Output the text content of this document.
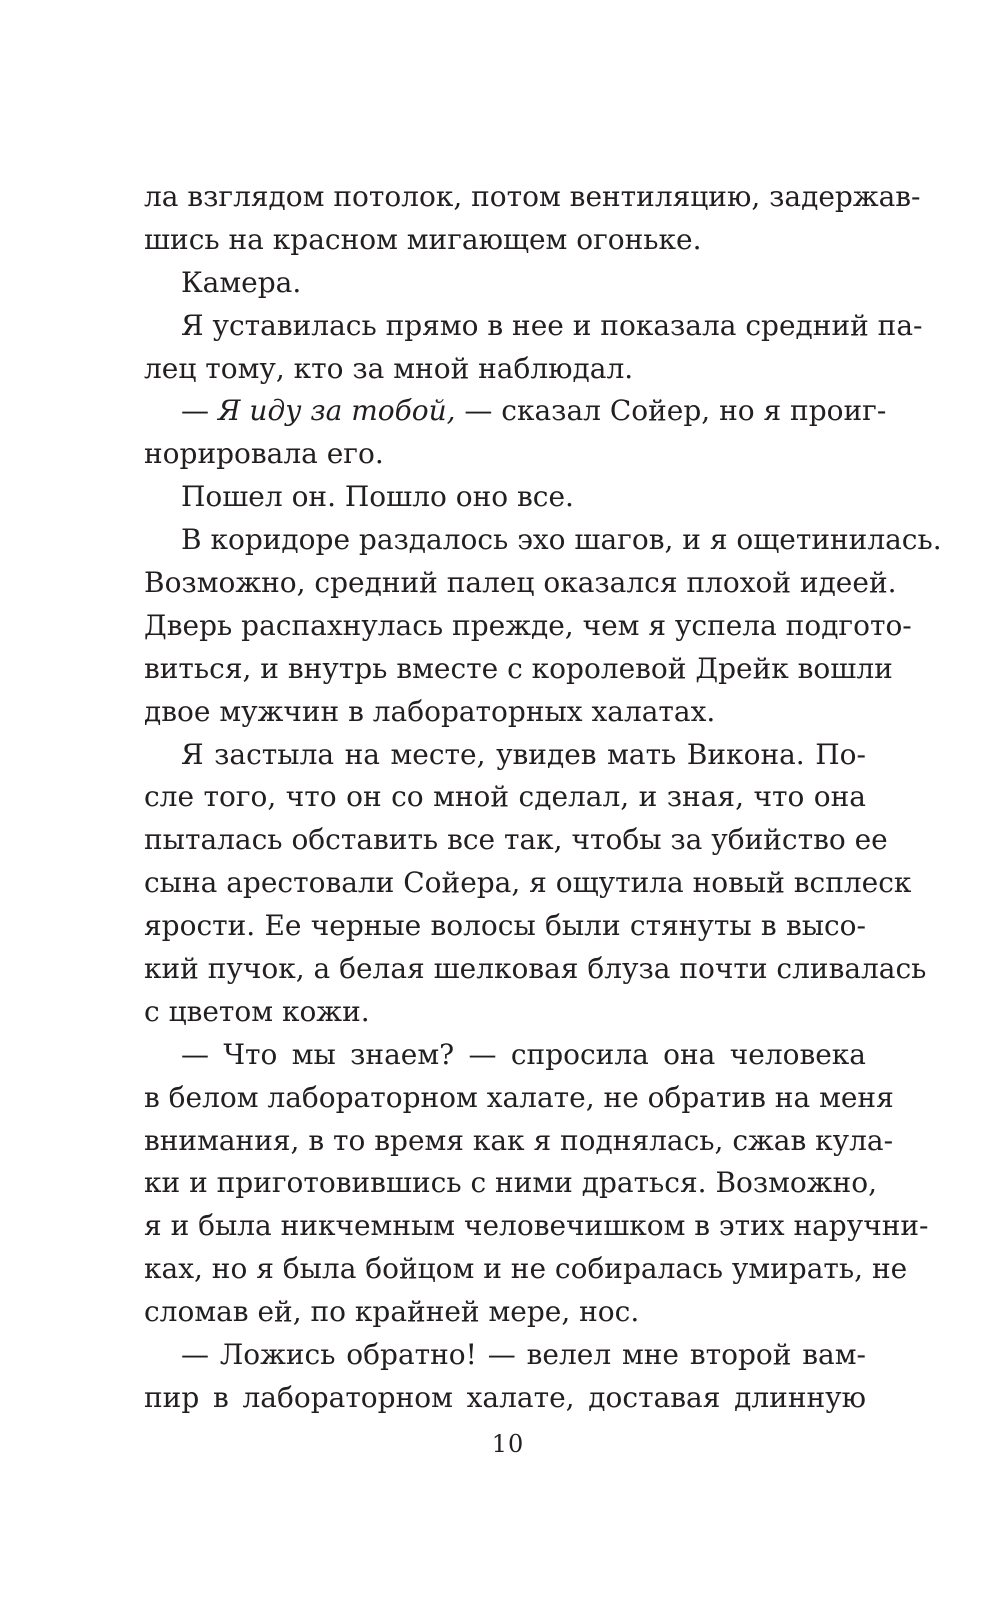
ла взглядом потолок, потом вентиляцию, задержав-
шись на красном мигающем огоньке.
Камера.
Я уставилась прямо в нее и показала средний па-
лец тому, кто за мной наблюдал.
— Я иду за тобой, — сказал Сойер, но я проиг-
норировала его.
Пошел он. Пошло оно все.
В коридоре раздалось эхо шагов, и я ощетинилась.
Возможно, средний палец оказался плохой идеей.
Дверь распахнулась прежде, чем я успела подгото-
виться, и внутрь вместе с королевой Дрейк вошли
двое мужчин в лабораторных халатах.
Я застыла на месте, увидев мать Викона. По-
сле того, что он со мной сделал, и зная, что она
пыталась обставить все так, чтобы за убийство ее
сына арестовали Сойера, я ощутила новый всплеск
ярости. Ее черные волосы были стянуты в высо-
кий пучок, а белая шелковая блуза почти сливалась
с цветом кожи.
— Что мы знаем? — спросила она человека
в белом лабораторном халате, не обратив на меня
внимания, в то время как я поднялась, сжав кула-
ки и приготовившись с ними драться. Возможно,
я и была никчемным человечишком в этих наручни-
ках, но я была бойцом и не собиралась умирать, не
сломав ей, по крайней мере, нос.
— Ложись обратно! — велел мне второй вам-
пир в лабораторном халате, доставая длинную
10
